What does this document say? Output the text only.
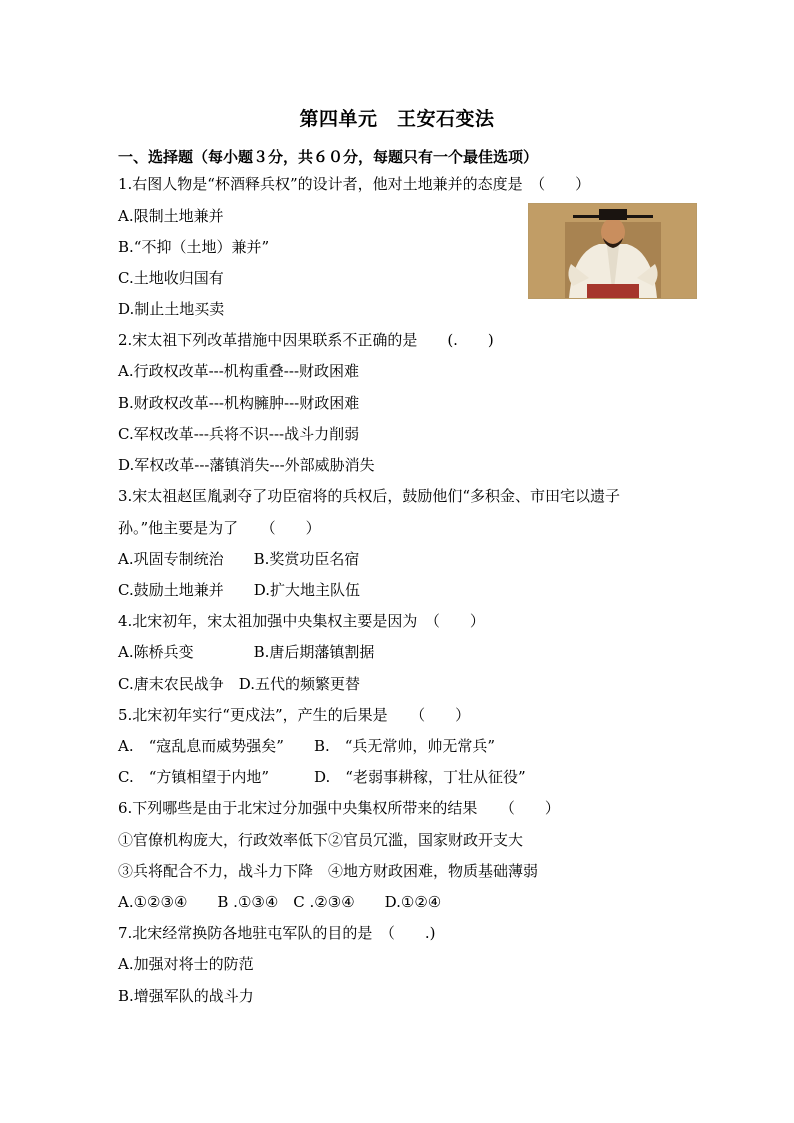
第四单元　王安石变法
一、选择题（每小题３分，共６０分，每题只有一个最佳选项）
1.右图人物是“杯酒释兵权”的设计者，他对土地兼并的态度是　（　　）
A.限制土地兼并
B.“不抑（土地）兼并”
C.土地收归国有
D.制止土地买卖
2.宋太祖下列改革措施中因果联系不正确的是　　(.　　)
A.行政权改革---机构重叠---财政困难
B.财政权改革---机构臃肿---财政困难
C.军权改革---兵将不识---战斗力削弱
D.军权改革---藩镇消失---外部威胁消失
3.宋太祖赵匡胤剥夺了功臣宿将的兵权后，鼓励他们“多积金、市田宅以遗子
孙。”他主要是为了　　（　　）
A.巩固专制统治　　B.奖赏功臣名宿
C.鼓励土地兼并　　D.扩大地主队伍
4.北宋初年，宋太祖加强中央集权主要是因为　（　　）
A.陈桥兵变　　　　B.唐后期藩镇割据
C.唐末农民战争　D.五代的频繁更替
5.北宋初年实行“更戍法”，产生的后果是　　（　　）
A.　“寇乱息而威势强矣”　　B.　“兵无常帅，帅无常兵”
C.　“方镇相望于内地”　　　D.　“老弱事耕稼，丁壮从征役”
6.下列哪些是由于北宋过分加强中央集权所带来的结果　　（　　）
①官僚机构庞大，行政效率低下②官员冗滥，国家财政开支大
③兵将配合不力，战斗力下降　④地方财政困难，物质基础薄弱
A.①②③④　　B .①③④　C .②③④　　D.①②④
7.北宋经常换防各地驻屯军队的目的是　（　　.)
A.加强对将士的防范
B.增强军队的战斗力
